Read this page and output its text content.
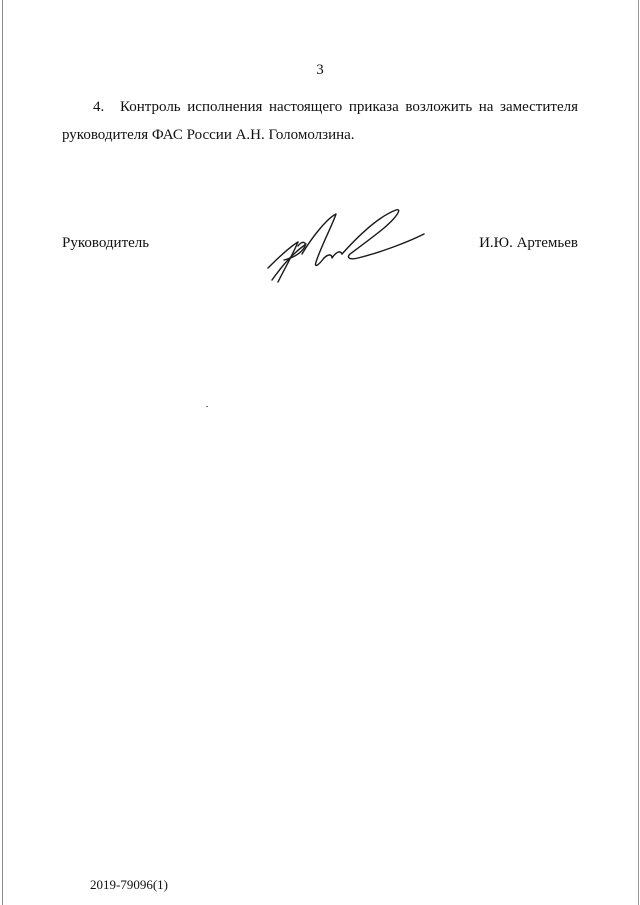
3
4. Контроль исполнения настоящего приказа возложить на заместителя руководителя ФАС России А.Н. Голомолзина.
Руководитель	И.Ю. Артемьев
2019-79096(1)
